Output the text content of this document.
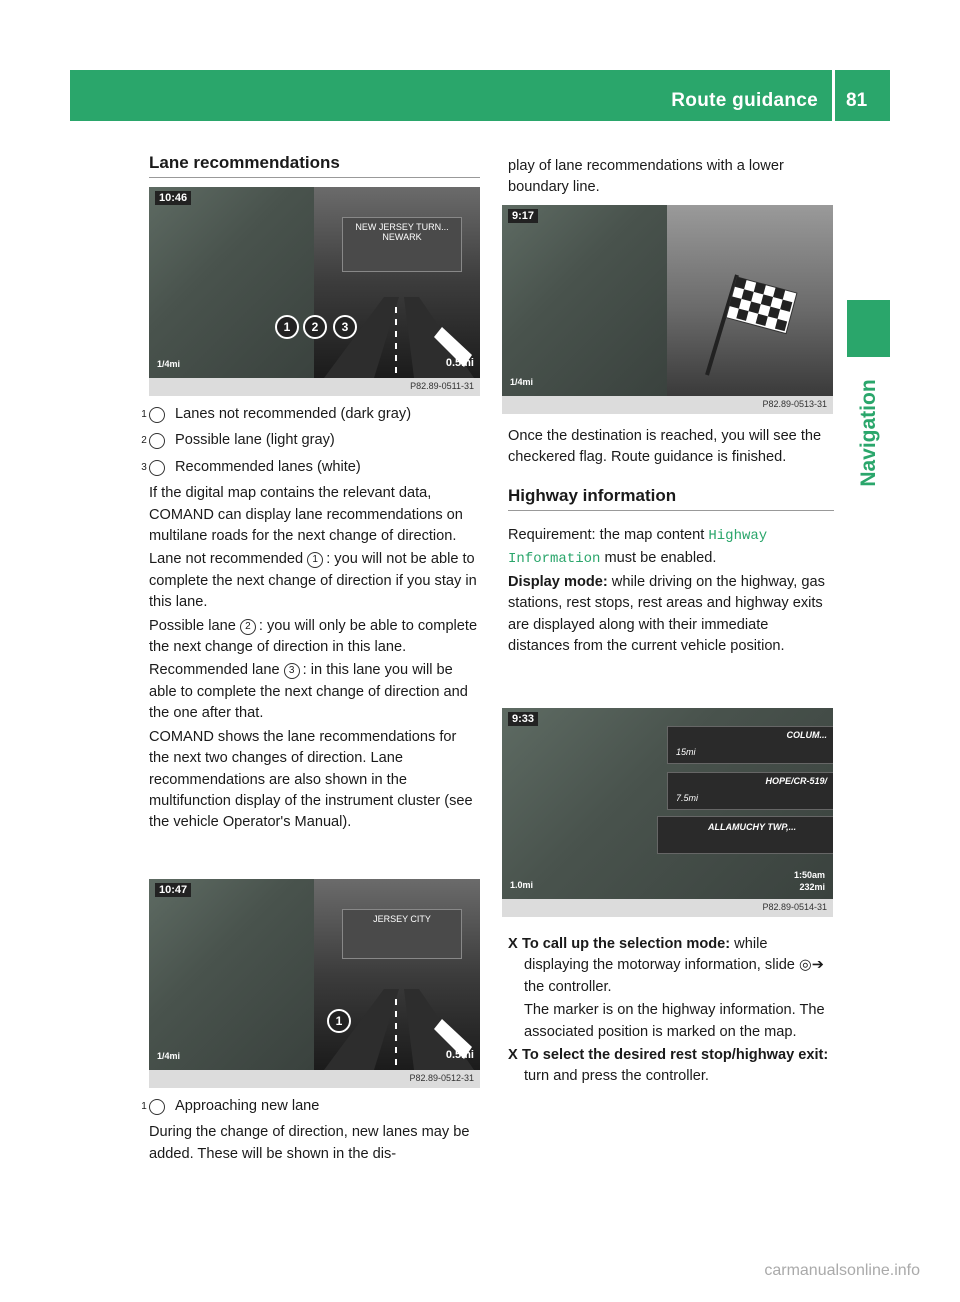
Route guidance 81
Navigation
Lane recommendations
NEW JERSEY TURN...
NEWARK
10:46
1	2	3
1/4mi	0.5mi
P82.89-0511-31

1 Lanes not recommended (dark gray)

2 Possible lane (light gray)

3 Recommended lanes (white)

If the digital map contains the relevant data, COMAND can display lane recommendations on multilane roads for the next change of direction.

Lane not recommended 1 : you will not be able to complete the next change of direction if you stay in this lane.

Possible lane 2 : you will only be able to complete the next change of direction in this lane.

Recommended lane 3 : in this lane you will be able to complete the next change of direction and the one after that.

COMAND shows the lane recommendations for the next two changes of direction. Lane recommendations are also shown in the multifunction display of the instrument cluster (see the vehicle Operator's Manual).

JERSEY CITY
10:47
1
1/4mi	0.5mi
P82.89-0512-31

1 Approaching new lane

During the change of direction, new lanes may be added. These will be shown in the dis-

play of lane recommendations with a lower boundary line.

9:17
1/4mi
P82.89-0513-31

Once the destination is reached, you will see the checkered flag. Route guidance is finished.

Highway information

Requirement: the map content Highway Information must be enabled.

Display mode: while driving on the highway, gas stations, rest stops, rest areas and highway exits are displayed along with their immediate distances from the current vehicle position.

9:33
COLUM...
15mi
HOPE/CR-519/
7.5mi
ALLAMUCHY TWP,...
1.0mi
1:50am
232mi
P82.89-0514-31

X To call up the selection mode: while displaying the motorway information, slide ◎➔ the controller.

The marker is on the highway information. The associated position is marked on the map.

X To select the desired rest stop/highway exit: turn and press the controller.

carmanualsonline.info
